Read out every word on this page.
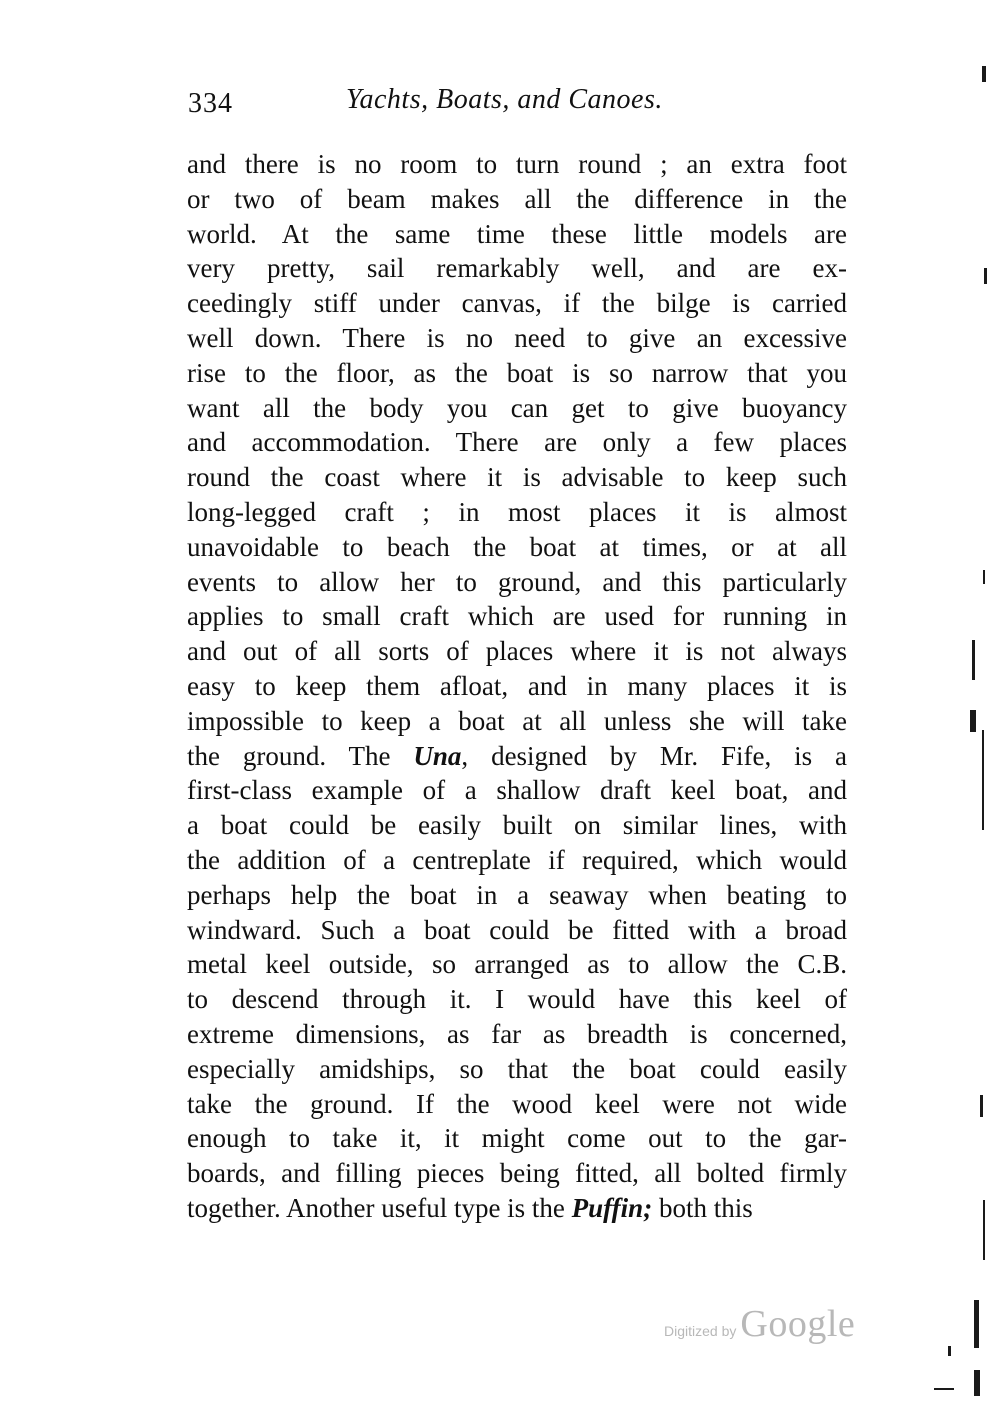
334	Yachts, Boats, and Canoes.
and there is no room to turn round ; an extra foot
or two of beam makes all the difference in the
world. At the same time these little models are
very pretty, sail remarkably well, and are ex-
ceedingly stiff under canvas, if the bilge is carried
well down. There is no need to give an excessive
rise to the floor, as the boat is so narrow that you
want all the body you can get to give buoyancy
and accommodation. There are only a few places
round the coast where it is advisable to keep such
long-legged craft ; in most places it is almost
unavoidable to beach the boat at times, or at all
events to allow her to ground, and this particularly
applies to small craft which are used for running in
and out of all sorts of places where it is not always
easy to keep them afloat, and in many places it is
impossible to keep a boat at all unless she will take
the ground. The Una, designed by Mr. Fife, is a
first-class example of a shallow draft keel boat, and
a boat could be easily built on similar lines, with
the addition of a centreplate if required, which would
perhaps help the boat in a seaway when beating to
windward. Such a boat could be fitted with a broad
metal keel outside, so arranged as to allow the C.B.
to descend through it. I would have this keel of
extreme dimensions, as far as breadth is concerned,
especially amidships, so that the boat could easily
take the ground. If the wood keel were not wide
enough to take it, it might come out to the gar-
boards, and filling pieces being fitted, all bolted firmly
together. Another useful type is the Puffin; both this
Digitized by Google
